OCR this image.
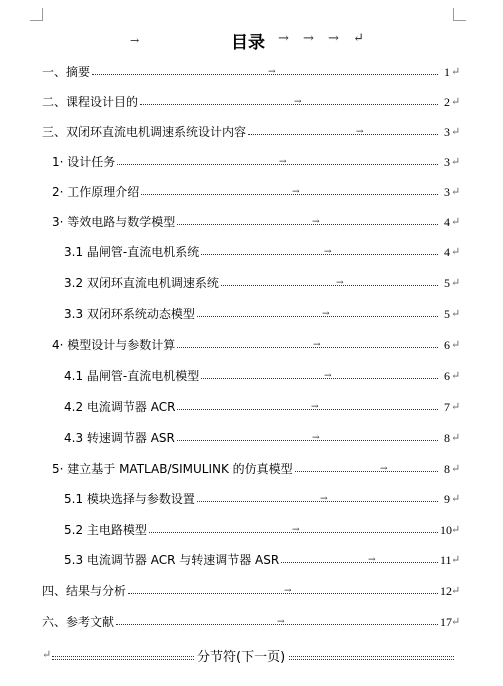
→	目录 → → → ↵
一、摘要	→	1 ↵
二、课程设计目的	→	2 ↵
三、双闭环直流电机调速系统设计内容	→	3 ↵
1· 设计任务	→	3 ↵
2· 工作原理介绍	→	3 ↵
3· 等效电路与数学模型	→	4 ↵
3.1 晶闸管-直流电机系统	→	4 ↵
3.2 双闭环直流电机调速系统	→	5 ↵
3.3 双闭环系统动态模型	→	5 ↵
4· 模型设计与参数计算	→	6 ↵
4.1 晶闸管-直流电机模型	→	6 ↵
4.2 电流调节器 ACR	→	7 ↵
4.3 转速调节器 ASR	→	8 ↵
5· 建立基于 MATLAB/SIMULINK 的仿真模型	→	8 ↵
5.1 模块选择与参数设置	→	9 ↵
5.2 主电路模型	→	10 ↵
5.3 电流调节器 ACR 与转速调节器 ASR	→	11 ↵
四、结果与分析	→	12 ↵
六、参考文献	→	17 ↵
↵	分节符(下一页)
